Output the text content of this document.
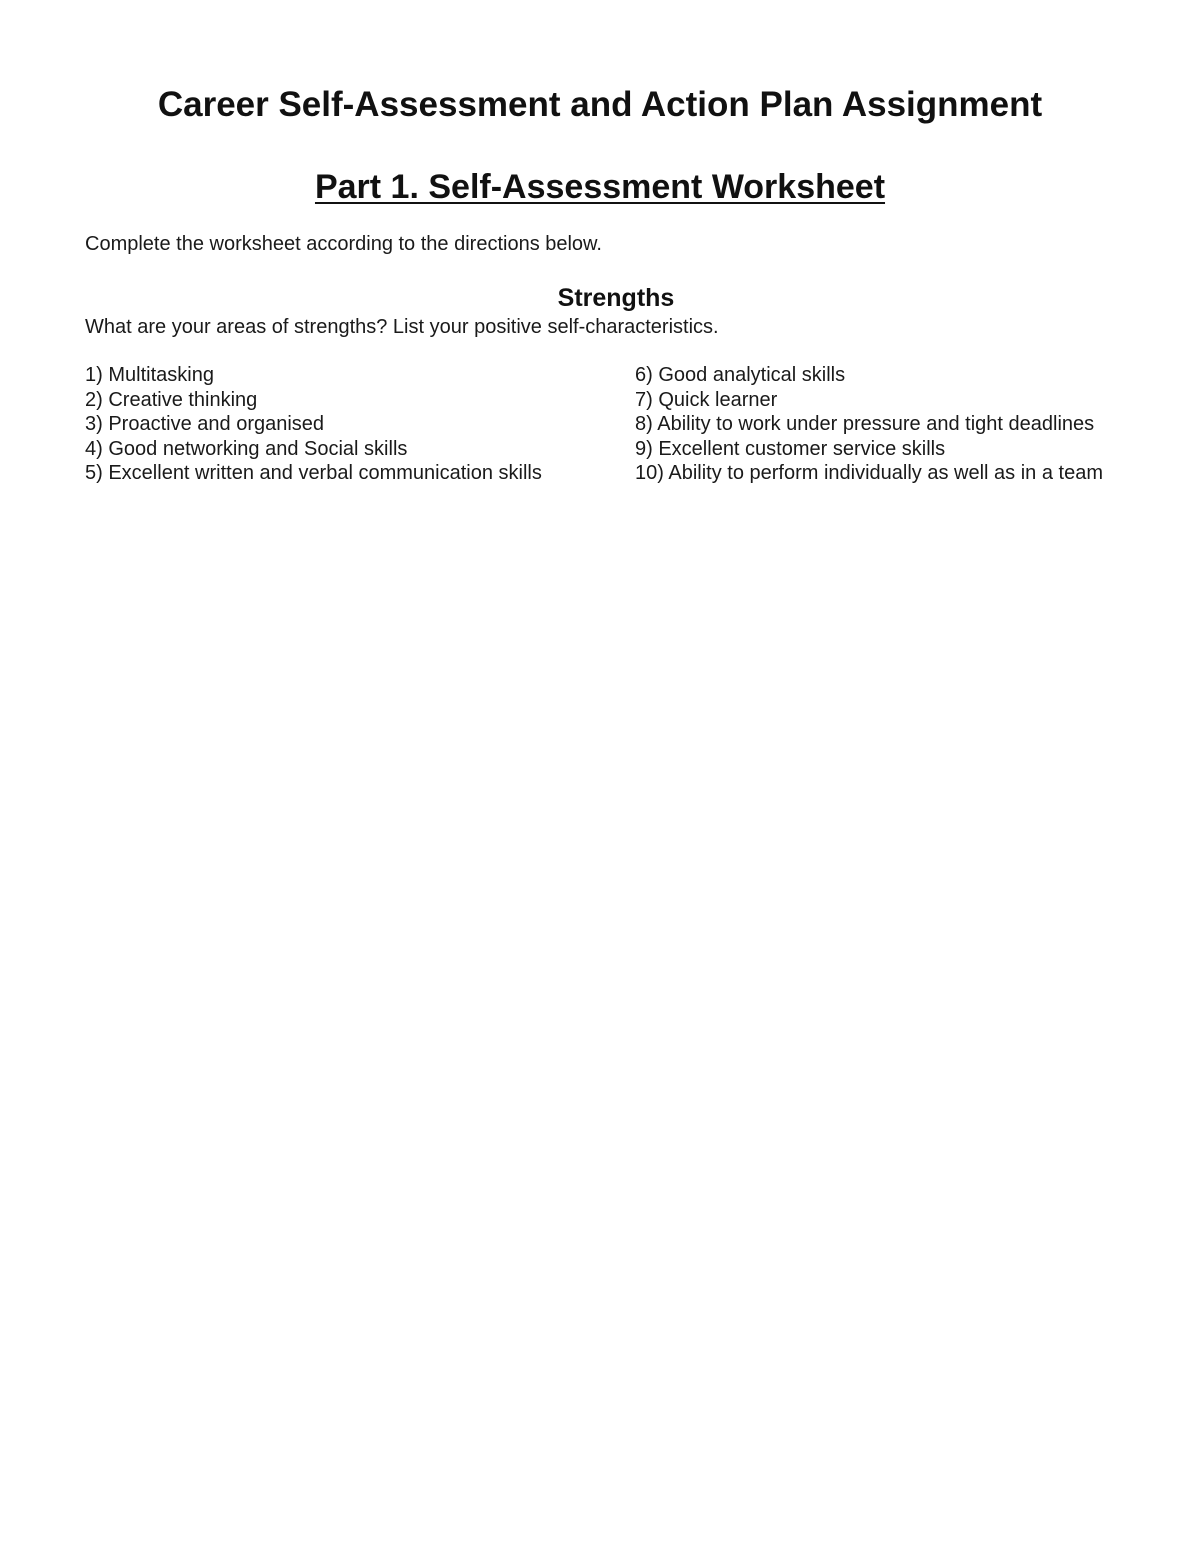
Career Self-Assessment and Action Plan Assignment
Part 1. Self-Assessment Worksheet

Complete the worksheet according to the directions below.

Strengths

What are your areas of strengths? List your positive self-characteristics.

1) Multitasking
2) Creative thinking
3) Proactive and organised
4) Good networking and Social skills
5) Excellent written and verbal communication skills
6) Good analytical skills
7) Quick learner
8) Ability to work under pressure and tight deadlines
9) Excellent customer service skills
10) Ability to perform individually as well as in a team
